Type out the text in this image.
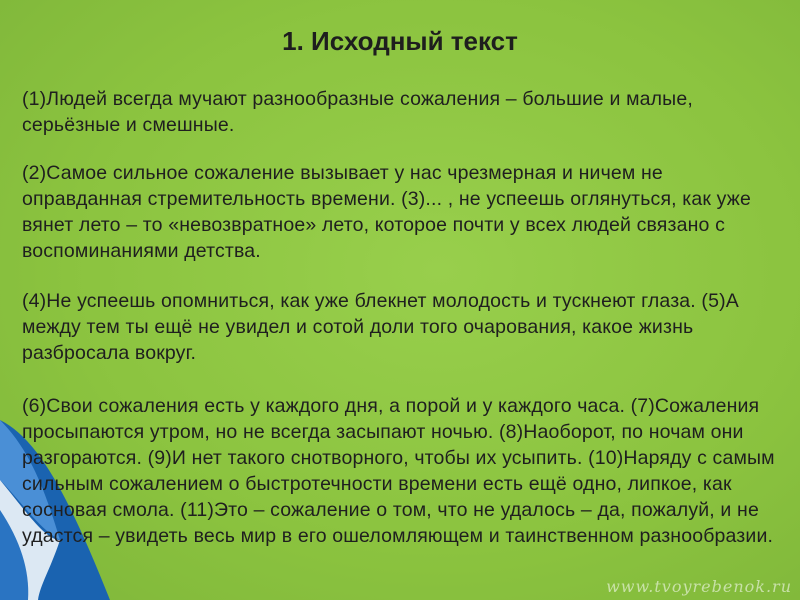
1. Исходный текст
(1)Людей всегда мучают разнообразные сожаления – большие и малые, серьёзные и смешные.
(2)Самое сильное сожаление вызывает у нас чрезмерная и ничем не оправданная стремительность времени. (3)... , не успеешь оглянуться, как уже вянет лето – то «невозвратное» лето, которое почти у всех людей связано с воспоминаниями детства.
(4)Не успеешь опомниться, как уже блекнет молодость и тускнеют глаза. (5)А между тем ты ещё не увидел и сотой доли того очарования, какое жизнь разбросала вокруг.
(6)Свои сожаления есть у каждого дня, а порой и у каждого часа. (7)Сожаления просыпаются утром, но не всегда засыпают ночью. (8)Наоборот, по ночам они разгораются. (9)И нет такого снотворного, чтобы их усыпить. (10)Наряду с самым сильным сожалением о быстротечности времени есть ещё одно, липкое, как сосновая смола. (11)Это – сожаление о том, что не удалось – да, пожалуй, и не удастся – увидеть весь мир в его ошеломляющем и таинственном разнообразии.
www.tvoyrebenok.ru
